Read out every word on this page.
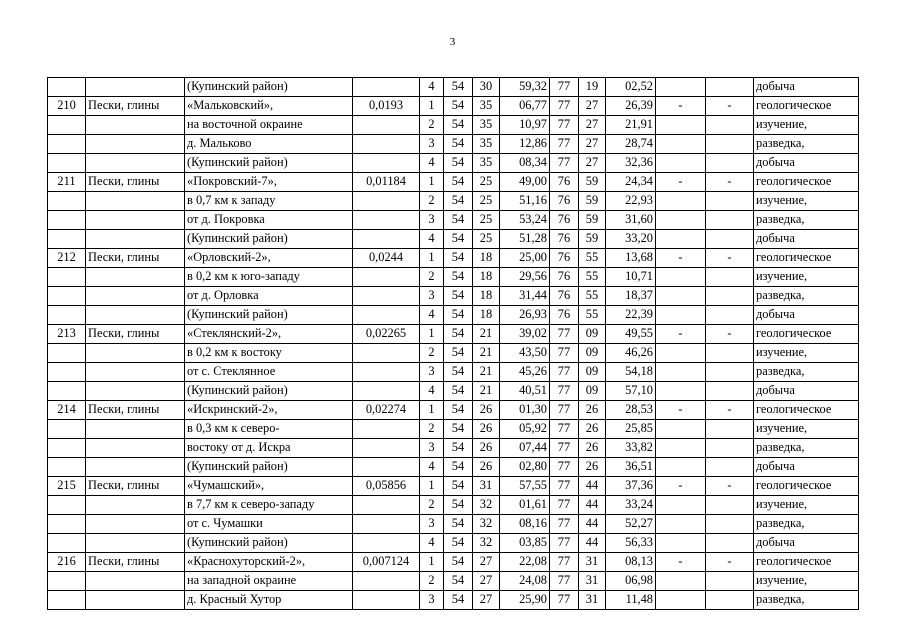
3
		(Купинский район)		4	54	30	59,32	77	19	02,52			добыча
210	Пески, глины	«Мальковский»,	0,0193	1	54	35	06,77	77	27	26,39	-	-	геологическое
		на восточной окраине		2	54	35	10,97	77	27	21,91			изучение,
		д. Мальково		3	54	35	12,86	77	27	28,74			разведка,
		(Купинский район)		4	54	35	08,34	77	27	32,36			добыча
211	Пески, глины	«Покровский-7»,	0,01184	1	54	25	49,00	76	59	24,34	-	-	геологическое
		в 0,7 км к западу		2	54	25	51,16	76	59	22,93			изучение,
		от д. Покровка		3	54	25	53,24	76	59	31,60			разведка,
		(Купинский район)		4	54	25	51,28	76	59	33,20			добыча
212	Пески, глины	«Орловский-2»,	0,0244	1	54	18	25,00	76	55	13,68	-	-	геологическое
		в 0,2 км к юго-западу		2	54	18	29,56	76	55	10,71			изучение,
		от д. Орловка		3	54	18	31,44	76	55	18,37			разведка,
		(Купинский район)		4	54	18	26,93	76	55	22,39			добыча
213	Пески, глины	«Стеклянский-2»,	0,02265	1	54	21	39,02	77	09	49,55	-	-	геологическое
		в 0,2 км к востоку		2	54	21	43,50	77	09	46,26			изучение,
		от с. Стеклянное		3	54	21	45,26	77	09	54,18			разведка,
		(Купинский район)		4	54	21	40,51	77	09	57,10			добыча
214	Пески, глины	«Искринский-2»,	0,02274	1	54	26	01,30	77	26	28,53	-	-	геологическое
		в 0,3 км к северо-		2	54	26	05,92	77	26	25,85			изучение,
		востоку от д. Искра		3	54	26	07,44	77	26	33,82			разведка,
		(Купинский район)		4	54	26	02,80	77	26	36,51			добыча
215	Пески, глины	«Чумашский»,	0,05856	1	54	31	57,55	77	44	37,36	-	-	геологическое
		в 7,7 км к северо-западу		2	54	32	01,61	77	44	33,24			изучение,
		от с. Чумашки		3	54	32	08,16	77	44	52,27			разведка,
		(Купинский район)		4	54	32	03,85	77	44	56,33			добыча
216	Пески, глины	«Краснохуторский-2»,	0,007124	1	54	27	22,08	77	31	08,13	-	-	геологическое
		на западной окраине		2	54	27	24,08	77	31	06,98			изучение,
		д. Красный Хутор		3	54	27	25,90	77	31	11,48			разведка,
